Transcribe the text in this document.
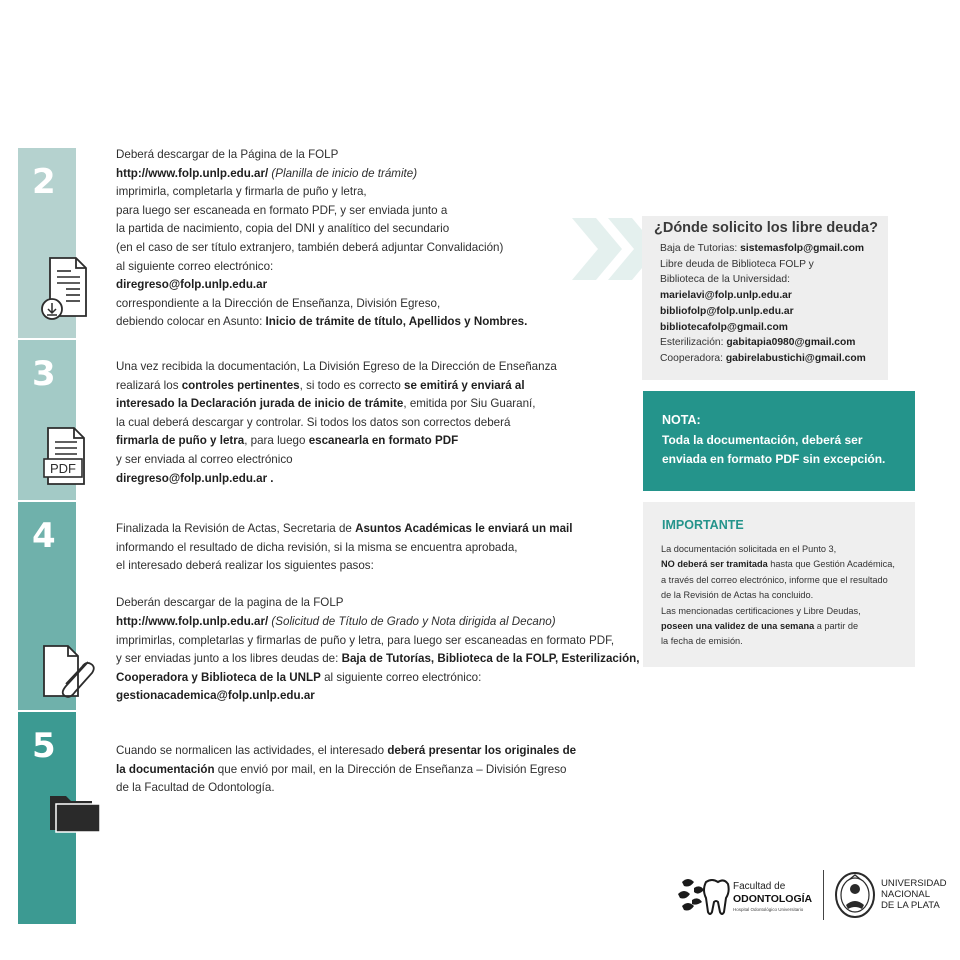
2
3
4
5
PDF

Deberá descargar de la Página de la FOLP

http://www.folp.unlp.edu.ar/ (Planilla de inicio de trámite)

imprimirla, completarla y firmarla de puño y letra,

para luego ser escaneada en formato PDF, y ser enviada junto a

la partida de nacimiento, copia del DNI y analítico del secundario

(en el caso de ser título extranjero, también deberá adjuntar Convalidación)

al siguiente correo electrónico:

diregreso@folp.unlp.edu.ar

correspondiente a la Dirección de Enseñanza, División Egreso,

debiendo colocar en Asunto: Inicio de trámite de título, Apellidos y Nombres.

Una vez recibida la documentación, La División Egreso de la Dirección de Enseñanza

realizará los controles pertinentes, si todo es correcto se emitirá y enviará al

interesado la Declaración jurada de inicio de trámite, emitida por Siu Guaraní,

la cual deberá descargar y controlar. Si todos los datos son correctos deberá

firmarla de puño y letra, para luego escanearla en formato PDF

y ser enviada al correo electrónico

diregreso@folp.unlp.edu.ar .

Finalizada la Revisión de Actas, Secretaria de Asuntos Académicas le enviará un mail

informando el resultado de dicha revisión, si la misma se encuentra aprobada,

el interesado deberá realizar los siguientes pasos:

Deberán descargar de la pagina de la FOLP

http://www.folp.unlp.edu.ar/ (Solicitud de Título de Grado y Nota dirigida al Decano)

imprimirlas, completarlas y firmarlas de puño y letra, para luego ser escaneadas en formato PDF,

y ser enviadas junto a los libres deudas de: Baja de Tutorías, Biblioteca de la FOLP, Esterilización,

Cooperadora y Biblioteca de la UNLP al siguiente correo electrónico:

gestionacademica@folp.unlp.edu.ar

Cuando se normalicen las actividades, el interesado deberá presentar los originales de

la documentación que envió por mail, en la Dirección de Enseñanza – División Egreso

de la Facultad de Odontología.

¿Dónde solicito los libre deuda?

Baja de Tutorias: sistemasfolp@gmail.com

Libre deuda de Biblioteca FOLP y

Biblioteca de la Universidad:

marielavi@folp.unlp.edu.ar

bibliofolp@folp.unlp.edu.ar

bibliotecafolp@gmail.com

Esterilización: gabitapia0980@gmail.com

Cooperadora: gabirelabustichi@gmail.com

NOTA:

Toda la documentación, deberá ser

enviada en formato PDF sin excepción.

IMPORTANTE

La documentación solicitada en el Punto 3,

NO deberá ser tramitada hasta que Gestión Académica,

a través del correo electrónico, informe que el resultado

de la Revisión de Actas ha concluido.

Las mencionadas certificaciones y Libre Deudas,

poseen una validez de una semana a partir de

la fecha de emisión.

Facultad de
ODONTOLOGÍA
Hospital Odontológico Universitario

UNIVERSIDAD

NACIONAL

DE LA PLATA
